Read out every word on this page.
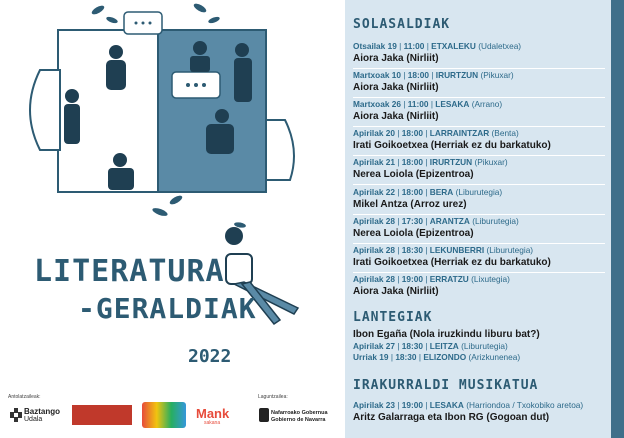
LITERATURA
-GERALDIAK
2022
Antolatzaileak:	Laguntzailea:
Baztango
Udala	Mank
sakana
Nafarroako Gobernua
Gobierno de Navarra
SOLASALDIAK
Otsailak 19 | 11:00 | ETXALEKU (Udaletxea)
Aiora Jaka (Nirliit)
Martxoak 10 | 18:00 | IRURTZUN (Pikuxar)
Aiora Jaka (Nirliit)
Martxoak 26 | 11:00 | LESAKA (Arrano)
Aiora Jaka (Nirliit)
Apirilak 20 | 18:00 | LARRAINTZAR (Benta)
Irati Goikoetxea (Herriak ez du barkatuko)
Apirilak 21 | 18:00 | IRURTZUN (Pikuxar)
Nerea Loiola (Epizentroa)
Apirilak 22 | 18:00 | BERA (Liburutegia)
Mikel Antza (Arroz urez)
Apirilak 28 | 17:30 | ARANTZA (Liburutegia)
Nerea Loiola (Epizentroa)
Apirilak 28 | 18:30 | LEKUNBERRI (Liburutegia)
Irati Goikoetxea (Herriak ez du barkatuko)
Apirilak 28 | 19:00 | ERRATZU (Lixutegia)
Aiora Jaka (Nirliit)
LANTEGIAK
Ibon Egaña (Nola iruzkindu liburu bat?)
Apirilak 27 | 18:30 | LEITZA (Liburutegia)
Urriak 19 | 18:30 | ELIZONDO (Arizkunenea)
IRAKURRALDI MUSIKATUA
Apirilak 23 | 19:00 | LESAKA (Harriondoa / Txokobiko aretoa)
Aritz Galarraga eta Ibon RG (Gogoan dut)
